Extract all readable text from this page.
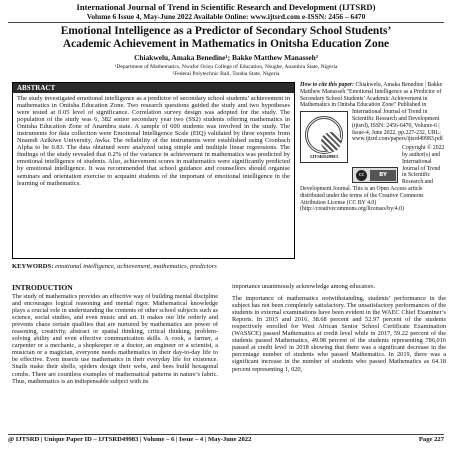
International Journal of Trend in Scientific Research and Development (IJTSRD)
Volume 6 Issue 4, May-June 2022 Available Online: www.ijtsrd.com e-ISSN: 2456 – 6470
Emotional Intelligence as a Predictor of Secondary School Students’
Academic Achievement in Mathematics in Onitsha Education Zone
Chiakwelu, Amaka Benedine¹; Bakke Matthew Manasseh²
¹Department of Mathematics, Nwafor Orizu College of Education, Nsugbe, Anambra State, Nigeria
²Federal Polytechnic Bali, Taraba State, Nigeria
ABSTRACT
The study investigated emotional intelligence as a predictor of secondary school students’ achievement in mathematics in Onitsha Education Zone. Two research questions guided the study and two hypotheses were tested at 0.05 level of significance. Correlation survey design was adopted for the study. The population of the study was 6, 382 senior secondary year two (SS2) students offering mathematics in Onitsha Education Zone of Anambra state. A sample of 600 students was involved in the study. The instruments for data collection were Emotional Intelligence Scale (EIQ) validated by three experts from Nnamdi Azikiwe University, Awka. The reliability of the instruments were established using Cronbach Alpha to be 0.83. The data obtained were analyzed using simple and multiple linear regressions. The findings of the study revealed that 0.2% of the variance in achievement in mathematics was predicted by emotional intelligence of students. Also, achievement scores in mathematics were significantly predicted by emotional intelligence. It was recommended that school guidance and counsellors should organise seminars and orientation exercise to acquaint students of the important of emotional intelligence in the learning of mathematics.
How to cite this paper: Chiakwelu, Amaka Benedine | Bakke Matthew Manasseh "Emotional Intelligence as a Predictor of Secondary School Students’ Academic Achievement in Mathematics in Onitsha Education Zone" Published in
IJTSRD49983
International Journal of Trend in Scientific Research and Development (ijtsrd), ISSN: 2456-6470, Volume-6 | Issue-4, June 2022, pp.227-232, URL: www.ijtsrd.com/papers/ijtsrd49983.pdf
cc	BY
Copyright © 2022 by author(s) and International Journal of Trend in Scientific Research and Development Journal. This is an Open Access article distributed under the terms of the Creative Commons Attribution License (CC BY 4.0) (http://creativecommons.org/licenses/by/4.0)
KEYWORDS: emotional intelligence, achievement, mathematics, predictors
INTRODUCTION
The study of mathematics provides an effective way of building mental discipline and encourages logical reasoning and mental rigor. Mathematical knowledge plays a crucial role in understanding the contents of other school subjects such as science, social studies, and even music and art. It makes our life orderly and prevents chaos certain qualities that are nurtured by mathematics are power of reasoning, creativity, abstract or spatial thinking, critical thinking, problem-solving ability and even effective communication skills. A cook, a farmer, a carpenter or a mechanic, a shopkeeper or a doctor, an engineer or a scientist, a musician or a magician, everyone needs mathematics in their day-to-day life to be effective. Even insects use mathematics in their everyday life for existence. Snails make their shells, spiders design their webs, and bees build hexagonal combs. There are countless examples of mathematical patterns in nature’s fabric. Thus, mathematics is an indispensable subject with its

importance unanimously acknowledge among educators.

The importance of mathematics notwithstanding, students’ performance in the subject has not been completely satisfactory. The unsatisfactory performances of the students in external examinations have been evident in the WAEC Chief Examiner’s Reports. In 2015 and 2016, 38.68 percent and 52.97 percent of the students respectively enrolled for West African Senior School Certificate Examination (WASSCE) passed Mathematics at credit level while in 2017, 59.22 percent of the students passed Mathematics, 49.98 percent of the students representing 786,016 passed at credit level in 2018 showing that there was a significant decrease in the percentage number of students who passed Mathematics. In 2019, there was a significant increase in the number of students who passed Mathematics as 64.18 percent representing 1, 020,

@ IJTSRD | Unique Paper ID – IJTSRD49983 | Volume – 6 | Issue – 4 | May-June 2022	Page 227
